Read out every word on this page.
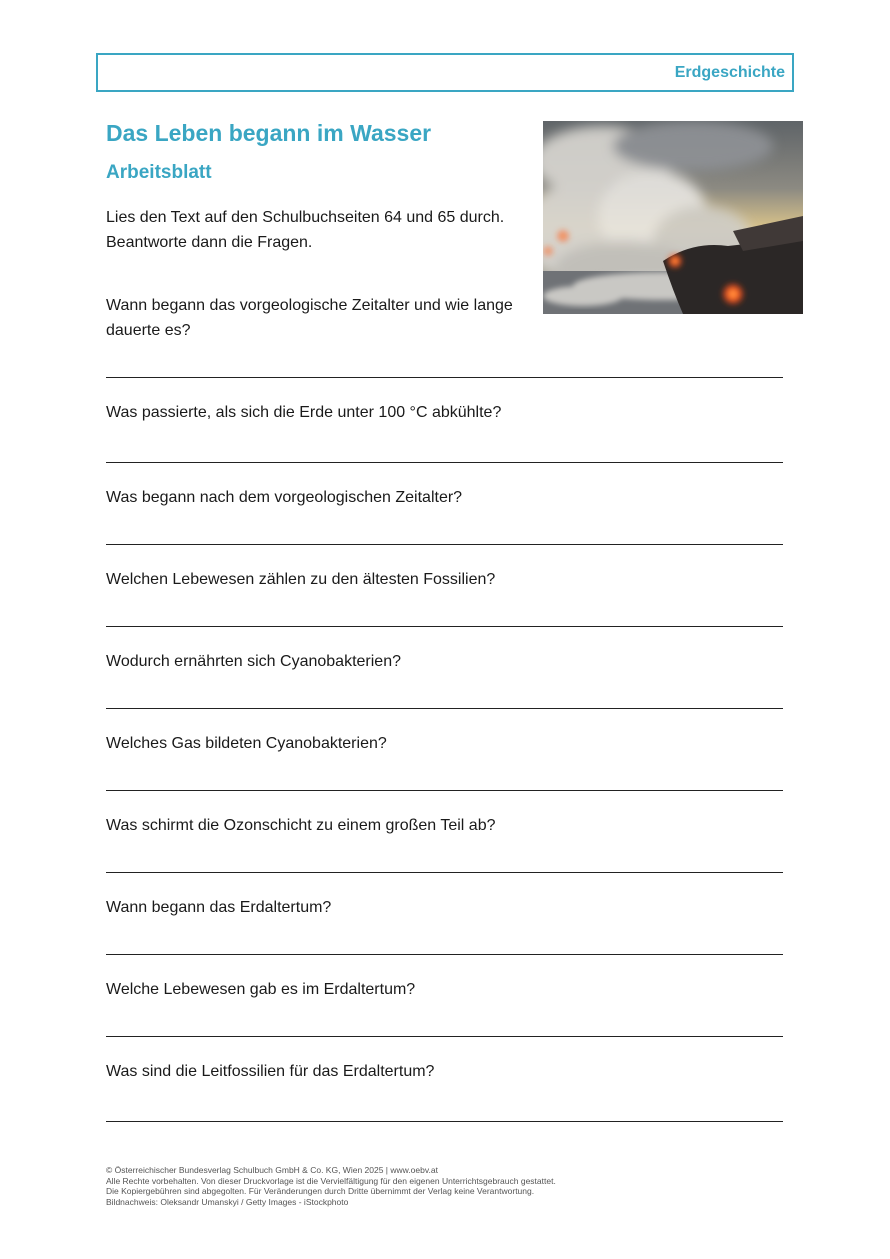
Erdgeschichte
Das Leben begann im Wasser
Arbeitsblatt
Lies den Text auf den Schulbuchseiten 64 und 65 durch.
Beantworte dann die Fragen.
Wann begann das vorgeologische Zeitalter und wie lange dauerte es?
Was passierte, als sich die Erde unter 100 °C abkühlte?
Was begann nach dem vorgeologischen Zeitalter?
Welchen Lebewesen zählen zu den ältesten Fossilien?
Wodurch ernährten sich Cyanobakterien?
Welches Gas bildeten Cyanobakterien?
Was schirmt die Ozonschicht zu einem großen Teil ab?
Wann begann das Erdaltertum?
Welche Lebewesen gab es im Erdaltertum?
Was sind die Leitfossilien für das Erdaltertum?
© Österreichischer Bundesverlag Schulbuch GmbH & Co. KG, Wien 2025 | www.oebv.at
Alle Rechte vorbehalten. Von dieser Druckvorlage ist die Vervielfältigung für den eigenen Unterrichtsgebrauch gestattet.
Die Kopiergebühren sind abgegolten. Für Veränderungen durch Dritte übernimmt der Verlag keine Verantwortung.
Bildnachweis: Oleksandr Umanskyi / Getty Images - iStockphoto
